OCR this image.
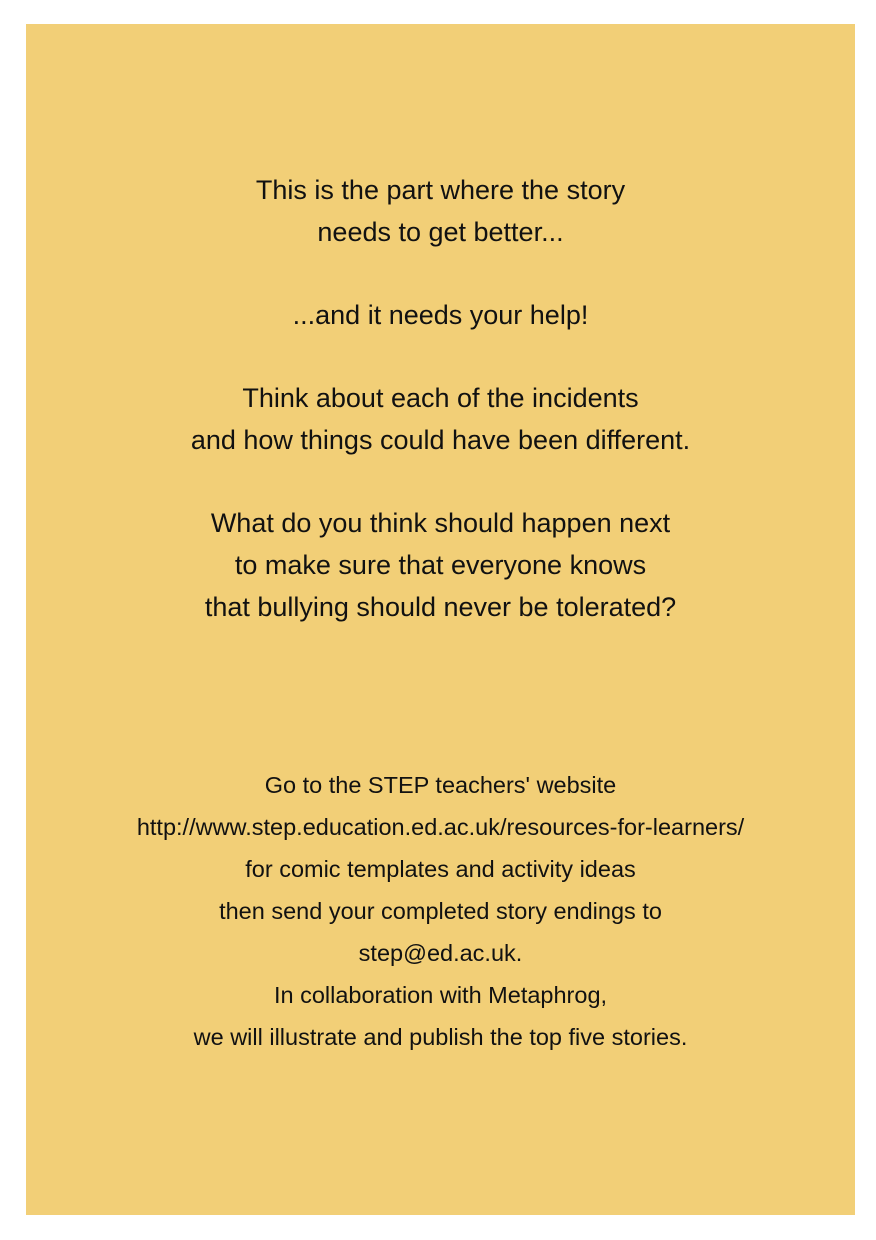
This is the part where the story
needs to get better...
...and it needs your help!
Think about each of the incidents
and how things could have been different.
What do you think should happen next
to make sure that everyone knows
that bullying should never be tolerated?
Go to the STEP teachers' website
http://www.step.education.ed.ac.uk/resources-for-learners/
for comic templates and activity ideas
then send your completed story endings to
step@ed.ac.uk.
In collaboration with Metaphrog,
we will illustrate and publish the top five stories.
